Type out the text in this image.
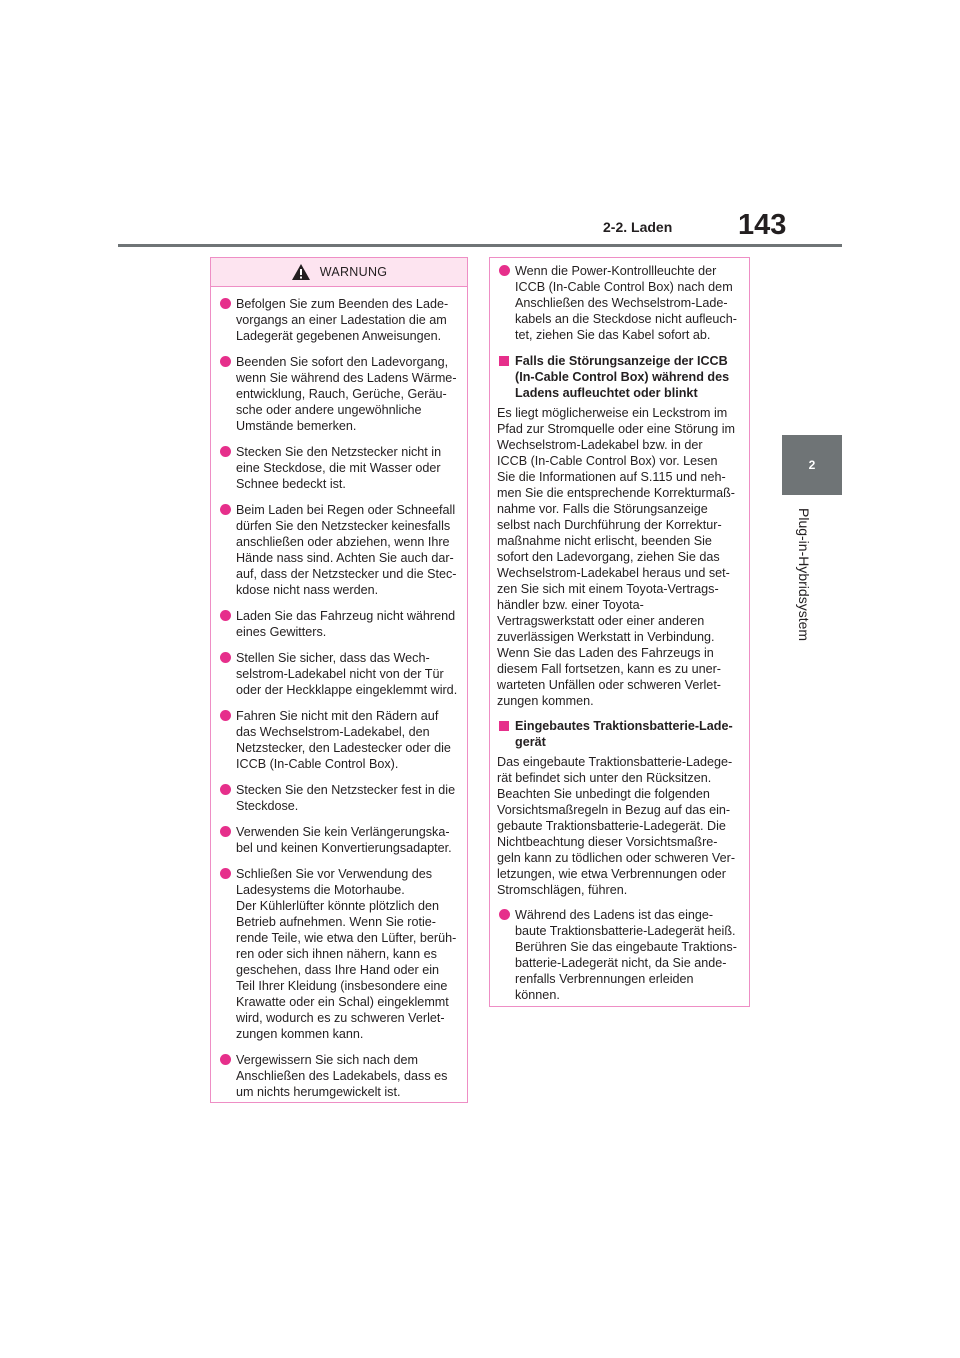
2-2. Laden 143
2
Plug-in-Hybridsystem
WARNUNG

Befolgen Sie zum Beenden des Lade-
vorgangs an einer Ladestation die am
Ladegerät gegebenen Anweisungen.

Beenden Sie sofort den Ladevorgang,
wenn Sie während des Ladens Wärme-
entwicklung, Rauch, Gerüche, Geräu-
sche oder andere ungewöhnliche
Umstände bemerken.

Stecken Sie den Netzstecker nicht in
eine Steckdose, die mit Wasser oder
Schnee bedeckt ist.

Beim Laden bei Regen oder Schneefall
dürfen Sie den Netzstecker keinesfalls
anschließen oder abziehen, wenn Ihre
Hände nass sind. Achten Sie auch dar-
auf, dass der Netzstecker und die Stec-
kdose nicht nass werden.

Laden Sie das Fahrzeug nicht während
eines Gewitters.

Stellen Sie sicher, dass das Wech-
selstrom-Ladekabel nicht von der Tür
oder der Heckklappe eingeklemmt wird.

Fahren Sie nicht mit den Rädern auf
das Wechselstrom-Ladekabel, den
Netzstecker, den Ladestecker oder die
ICCB (In-Cable Control Box).

Stecken Sie den Netzstecker fest in die
Steckdose.

Verwenden Sie kein Verlängerungska-
bel und keinen Konvertierungsadapter.

Schließen Sie vor Verwendung des
Ladesystems die Motorhaube.
Der Kühlerlüfter könnte plötzlich den
Betrieb aufnehmen. Wenn Sie rotie-
rende Teile, wie etwa den Lüfter, berüh-
ren oder sich ihnen nähern, kann es
geschehen, dass Ihre Hand oder ein
Teil Ihrer Kleidung (insbesondere eine
Krawatte oder ein Schal) eingeklemmt
wird, wodurch es zu schweren Verlet-
zungen kommen kann.

Vergewissern Sie sich nach dem
Anschließen des Ladekabels, dass es
um nichts herumgewickelt ist.

Wenn die Power-Kontrollleuchte der
ICCB (In-Cable Control Box) nach dem
Anschließen des Wechselstrom-Lade-
kabels an die Steckdose nicht aufleuch-
tet, ziehen Sie das Kabel sofort ab.

Falls die Störungsanzeige der ICCB
(In-Cable Control Box) während des
Ladens aufleuchtet oder blinkt

Es liegt möglicherweise ein Leckstrom im
Pfad zur Stromquelle oder eine Störung im
Wechselstrom-Ladekabel bzw. in der
ICCB (In-Cable Control Box) vor. Lesen
Sie die Informationen auf S.115 und neh-
men Sie die entsprechende Korrekturmaß-
nahme vor. Falls die Störungsanzeige
selbst nach Durchführung der Korrektur-
maßnahme nicht erlischt, beenden Sie
sofort den Ladevorgang, ziehen Sie das
Wechselstrom-Ladekabel heraus und set-
zen Sie sich mit einem Toyota-Vertrags-
händler bzw. einer Toyota-
Vertragswerkstatt oder einer anderen
zuverlässigen Werkstatt in Verbindung.
Wenn Sie das Laden des Fahrzeugs in
diesem Fall fortsetzen, kann es zu uner-
warteten Unfällen oder schweren Verlet-
zungen kommen.

Eingebautes Traktionsbatterie-Lade-
gerät

Das eingebaute Traktionsbatterie-Ladege-
rät befindet sich unter den Rücksitzen.
Beachten Sie unbedingt die folgenden
Vorsichtsmaßregeln in Bezug auf das ein-
gebaute Traktionsbatterie-Ladegerät. Die
Nichtbeachtung dieser Vorsichtsmaßre-
geln kann zu tödlichen oder schweren Ver-
letzungen, wie etwa Verbrennungen oder
Stromschlägen, führen.

Während des Ladens ist das einge-
baute Traktionsbatterie-Ladegerät heiß.
Berühren Sie das eingebaute Traktions-
batterie-Ladegerät nicht, da Sie ande-
renfalls Verbrennungen erleiden
können.
